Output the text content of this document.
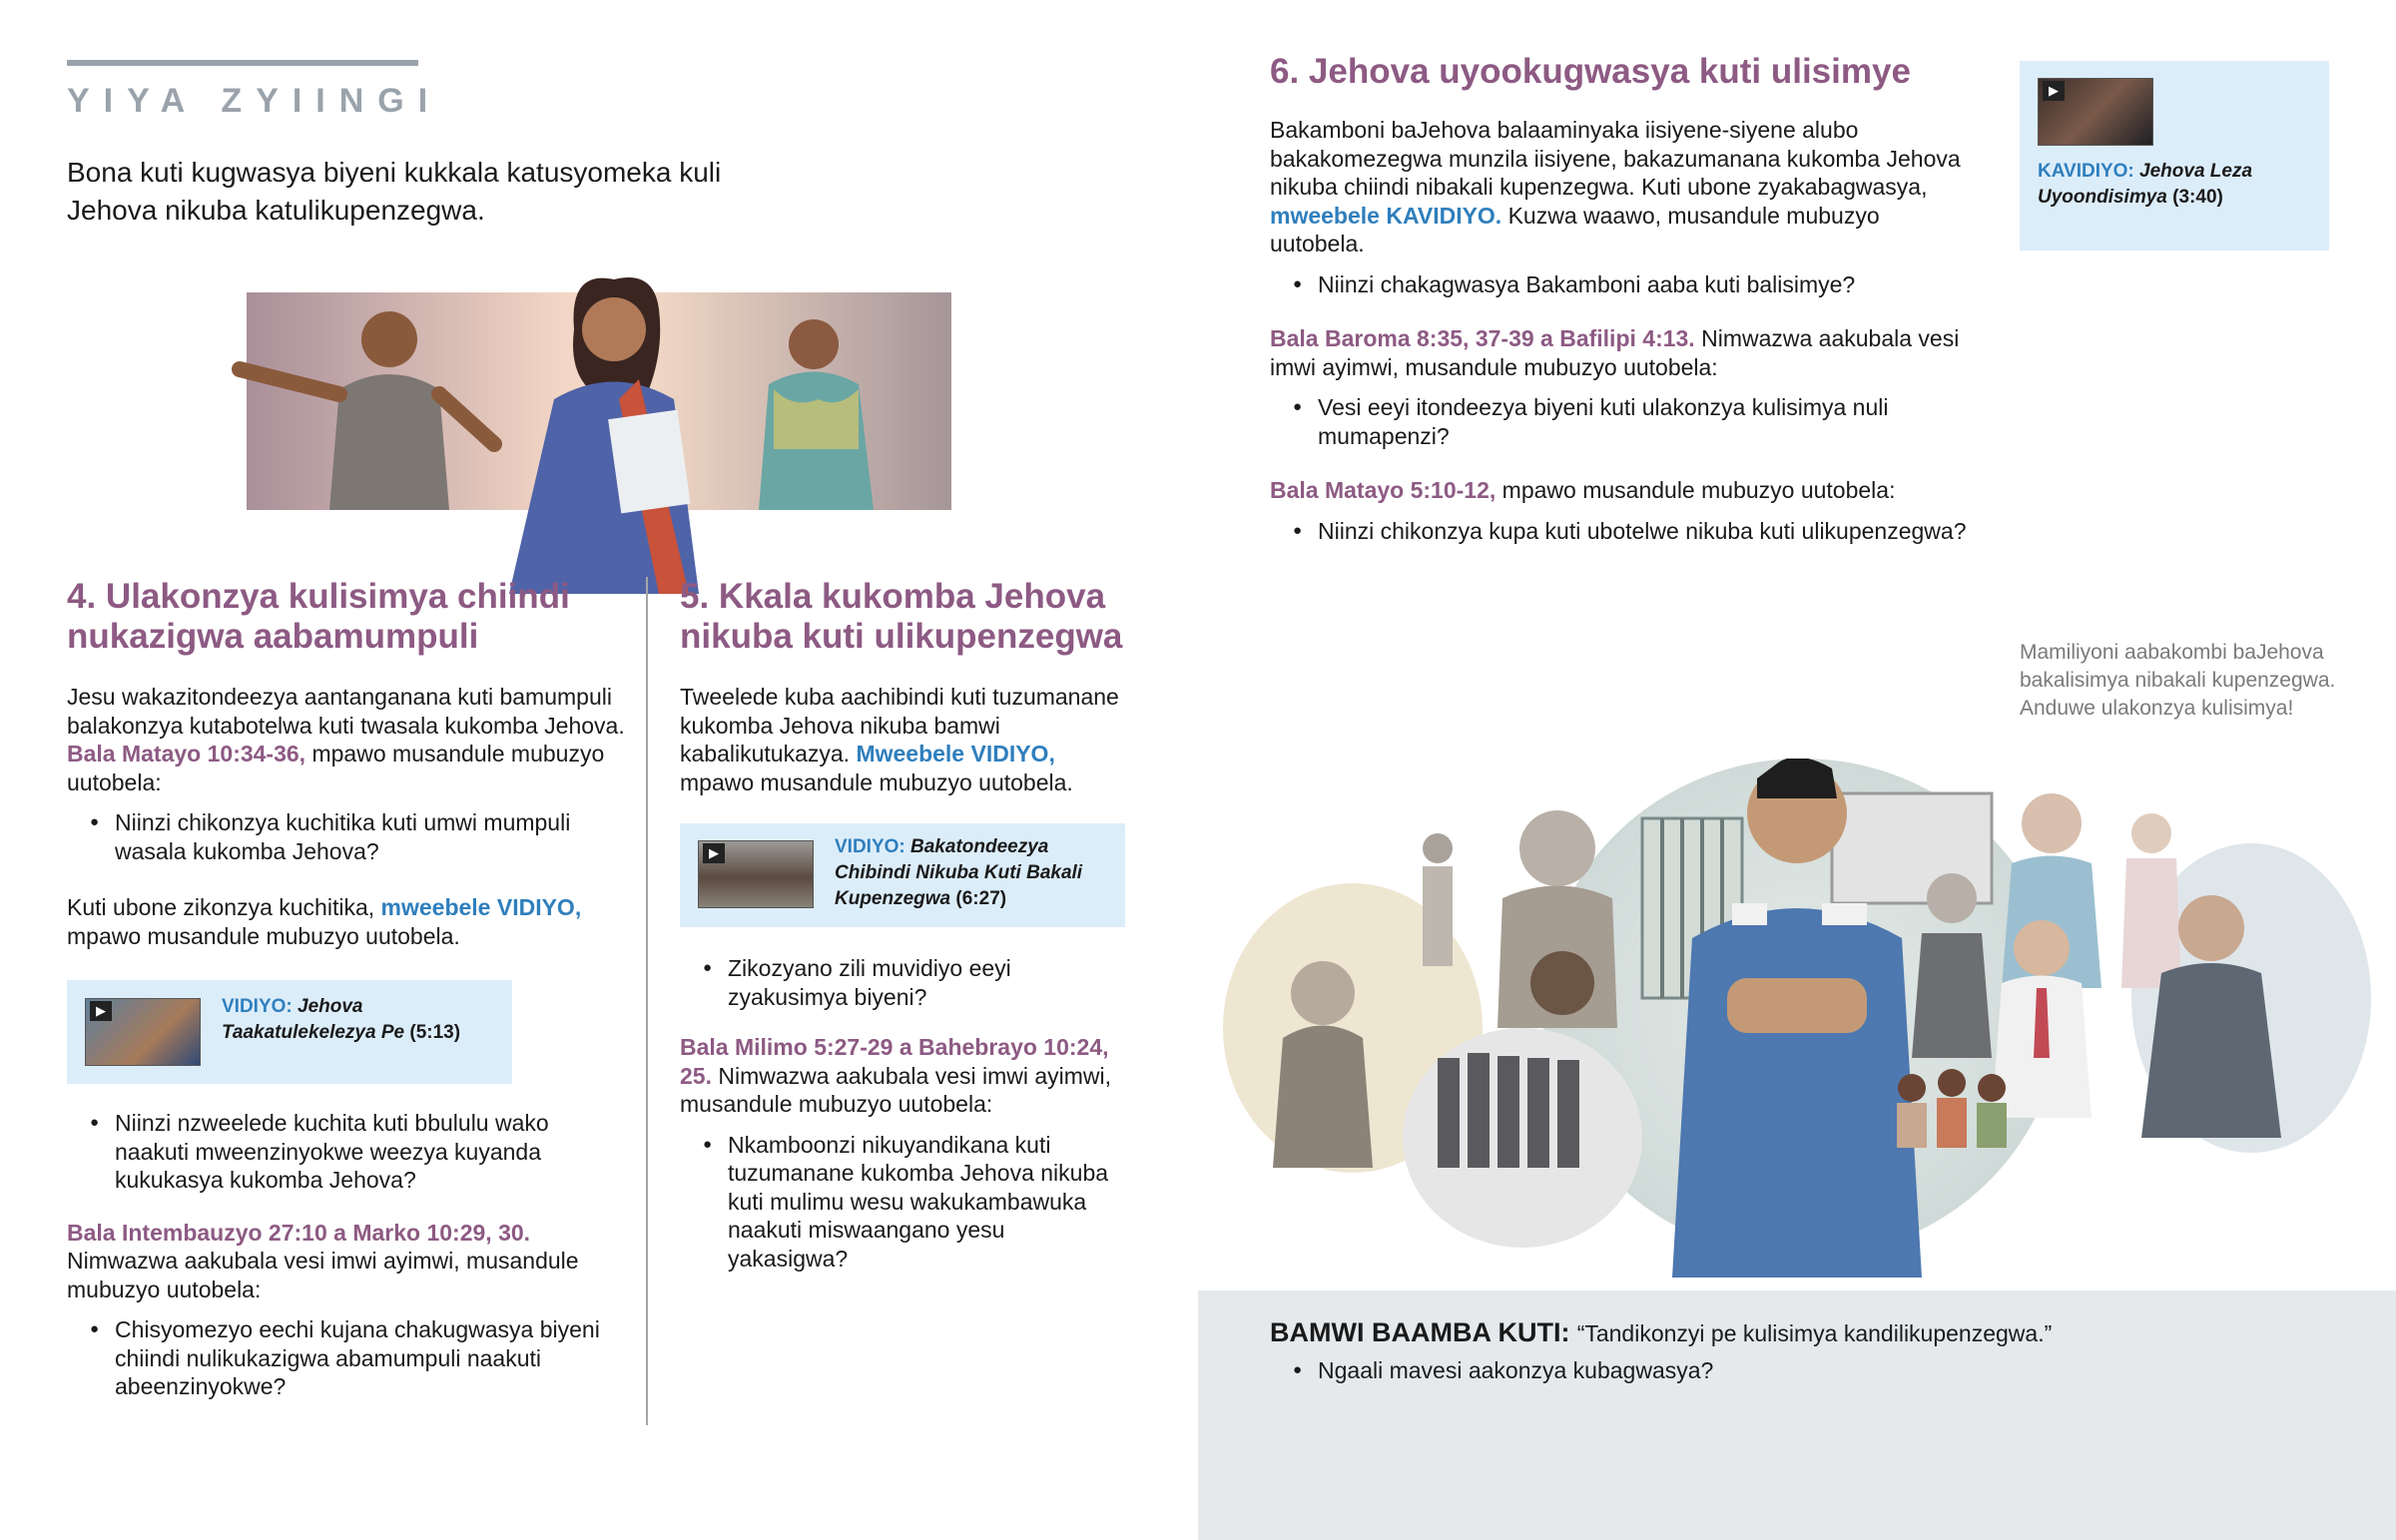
YIYA ZYIINGI
Bona kuti kugwasya biyeni kukkala katusyomeka kuli Jehova nikuba katulikupenzegwa.
4. Ulakonzya kulisimya chiindi nukazigwa aabamumpuli

Jesu wakazitondeezya aantanganana kuti bamumpuli balakonzya kutabotelwa kuti twasala kukomba Jehova. Bala Matayo 10:34-36, mpawo musandule mubuzyo uutobela:

● Niinzi chikonzya kuchitika kuti umwi mumpuli wasala kukomba Jehova?

Kuti ubone zikonzya kuchitika, mweebele VIDIYO, mpawo musandule mubuzyo uutobela.

▶	VIDIYO: Jehova Taakatulekelezya Pe (5:13)

● Niinzi nzweelede kuchita kuti bbululu wako naakuti mweenzinyokwe weezya kuyanda kukukasya kukomba Jehova?

Bala Intembauzyo 27:10 a Marko 10:29, 30. Nimwazwa aakubala vesi imwi ayimwi, musandule mubuzyo uutobela:

● Chisyomezyo eechi kujana chakugwasya biyeni chiindi nulikukazigwa abamumpuli naakuti abeenzinyokwe?

5. Kkala kukomba Jehova nikuba kuti ulikupenzegwa

Tweelede kuba aachibindi kuti tuzumanane kukomba Jehova nikuba bamwi kabalikutukazya. Mweebele VIDIYO, mpawo musandule mubuzyo uutobela.

▶	VIDIYO: Bakatondeezya Chibindi Nikuba Kuti Bakali Kupenzegwa (6:27)

● Zikozyano zili muvidiyo eeyi zyakusimya biyeni?

Bala Milimo 5:27-29 a Bahebrayo 10:24, 25. Nimwazwa aakubala vesi imwi ayimwi, musandule mubuzyo uutobela:

● Nkamboonzi nikuyandikana kuti tuzumanane kukomba Jehova nikuba kuti mulimu wesu wakukambawuka naakuti miswaangano yesu yakasigwa?

6. Jehova uyookugwasya kuti ulisimye

Bakamboni baJehova balaaminyaka iisiyene-siyene alubo bakakomezegwa munzila iisiyene, bakazumanana kukomba Jehova nikuba chiindi nibakali kupenzegwa. Kuti ubone zyakabagwasya, mweebele KAVIDIYO. Kuzwa waawo, musandule mubuzyo uutobela.

● Niinzi chakagwasya Bakamboni aaba kuti balisimye?

Bala Baroma 8:35, 37-39 a Bafilipi 4:13. Nimwazwa aakubala vesi imwi ayimwi, musandule mubuzyo uutobela:

● Vesi eeyi itondeezya biyeni kuti ulakonzya kulisimya nuli mumapenzi?

Bala Matayo 5:10-12, mpawo musandule mubuzyo uutobela:

● Niinzi chikonzya kupa kuti ubotelwe nikuba kuti ulikupenzegwa?

▶
KAVIDIYO: Jehova Leza Uyoondisimya (3:40)
Mamiliyoni aabakombi baJehova bakalisimya nibakali kupenzegwa. Anduwe ulakonzya kulisimya!

BAMWI BAAMBA KUTI: “Tandikonzyi pe kulisimya kandilikupenzegwa.”

● Ngaali mavesi aakonzya kubagwasya?
